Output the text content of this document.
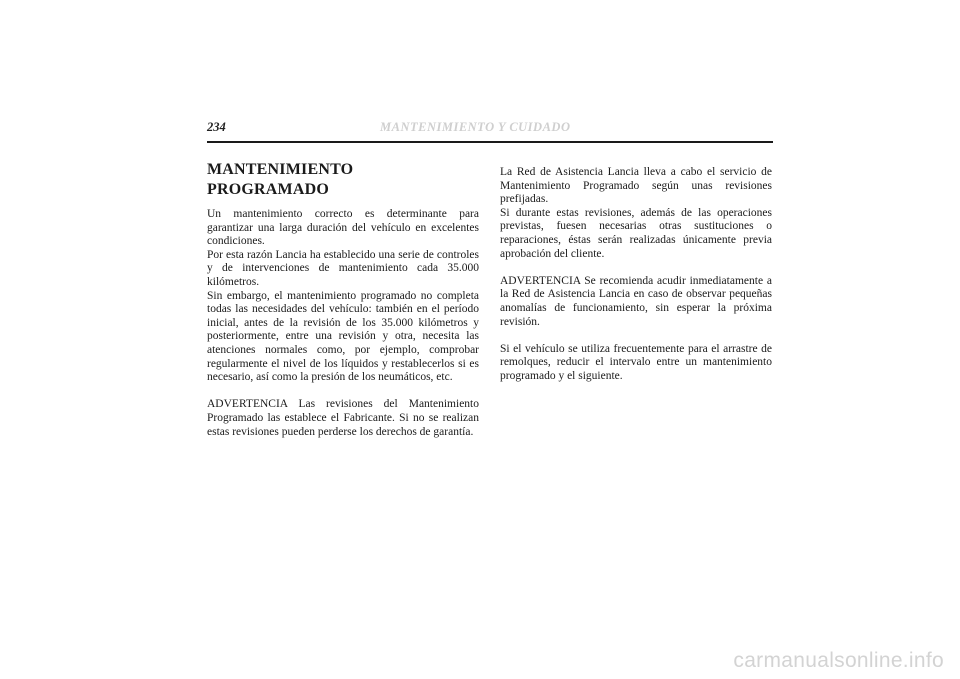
234	MANTENIMIENTO Y CUIDADO
MANTENIMIENTO PROGRAMADO

Un mantenimiento correcto es determinante para garantizar una larga duración del vehículo en excelentes condiciones.

Por esta razón Lancia ha establecido una serie de controles y de intervenciones de mantenimiento cada 35.000 kilómetros.

Sin embargo, el mantenimiento programado no completa todas las necesidades del vehículo: también en el período inicial, antes de la revisión de los 35.000 kilómetros y posteriormente, entre una revisión y otra, necesita las atenciones normales como, por ejemplo, comprobar regularmente el nivel de los líquidos y restablecerlos si es necesario, así como la presión de los neumáticos, etc.

ADVERTENCIA Las revisiones del Mantenimiento Programado las establece el Fabricante. Si no se realizan estas revisiones pueden perderse los derechos de garantía.

La Red de Asistencia Lancia lleva a cabo el servicio de Mantenimiento Programado según unas revisiones prefijadas.

Si durante estas revisiones, además de las operaciones previstas, fuesen necesarias otras sustituciones o reparaciones, éstas serán realizadas únicamente previa aprobación del cliente.

ADVERTENCIA Se recomienda acudir inmediatamente a la Red de Asistencia Lancia en caso de observar pequeñas anomalías de funcionamiento, sin esperar la próxima revisión.

Si el vehículo se utiliza frecuentemente para el arrastre de remolques, reducir el intervalo entre un mantenimiento programado y el siguiente.

carmanualsonline.info
